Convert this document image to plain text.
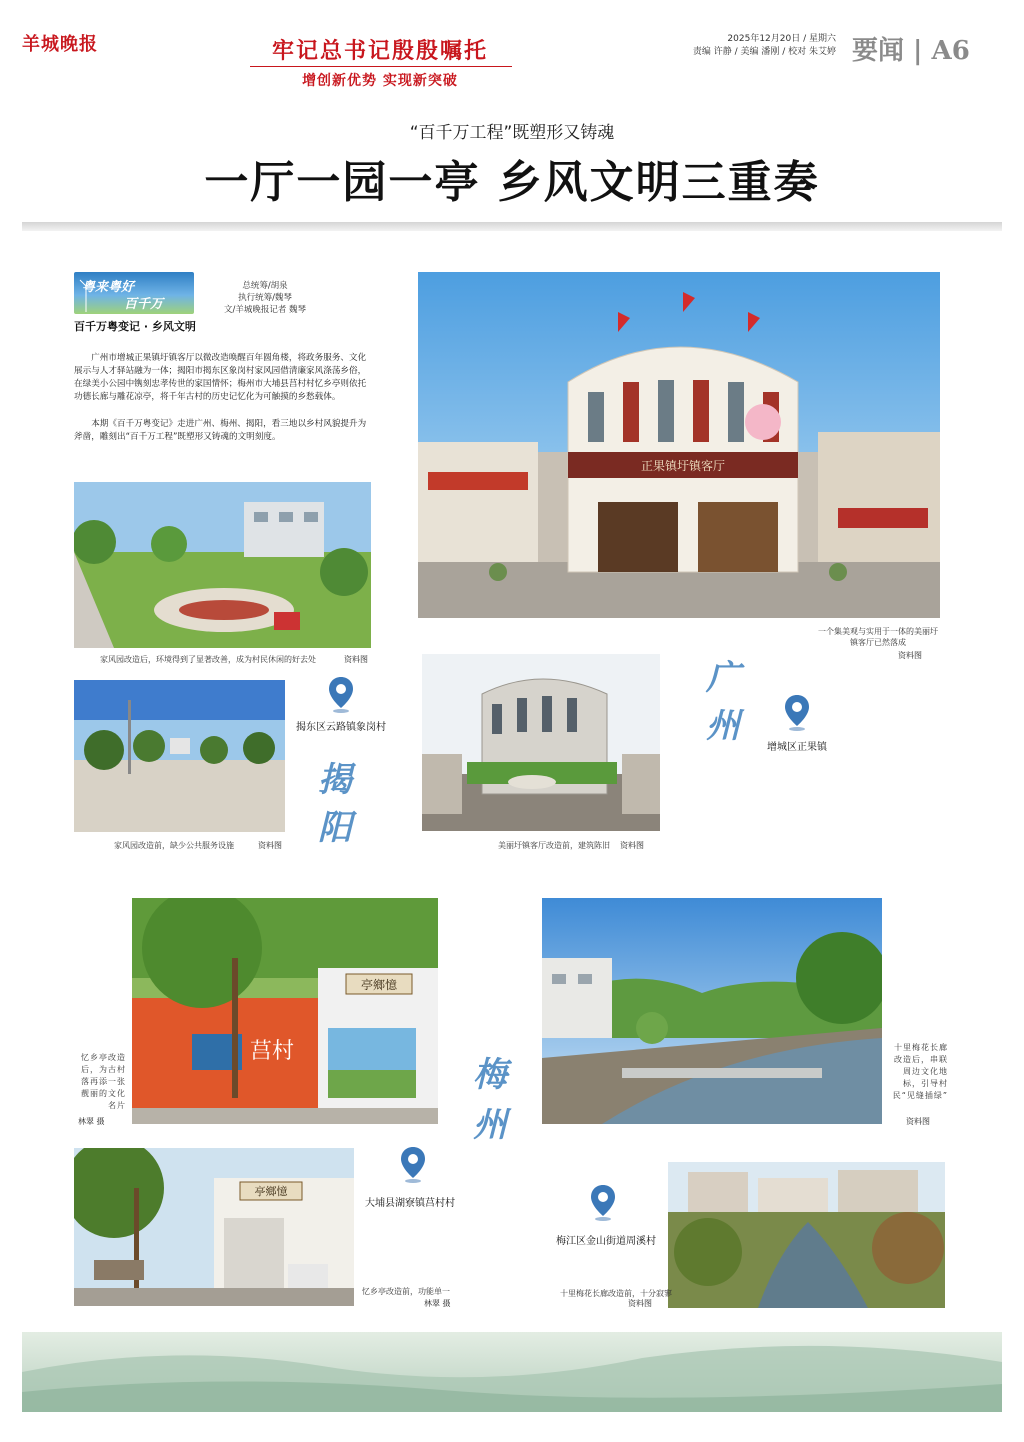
羊城晚报	牢记总书记殷殷嘱托
增创新优势 实现新突破
2025年12月20日 / 星期六
责编 许静 / 美编 潘刚 / 校对 朱艾婷 要闻 | A6
“百千万工程”既塑形又铸魂
一厅一园一亭 乡风文明三重奏
粤来粤好
百千万
百千万粤变记 · 乡风文明
总统筹/胡泉
执行统筹/魏琴
文/羊城晚报记者 魏琴

广州市增城正果镇圩镇客厅以微改造唤醒百年圆角楼，将政务服务、文化展示与人才驿站融为一体；揭阳市揭东区象岗村家风园借清廉家风涤荡乡俗，在绿美小公园中镌刻忠孝传世的家国情怀；梅州市大埔县莒村村忆乡亭则依托功德长廊与雕花凉亭，将千年古村的历史记忆化为可触摸的乡愁载体。

本期《百千万粤变记》走进广州、梅州、揭阳，看三地以乡村风貌提升为斧凿，雕刻出“百千万工程”既塑形又铸魂的文明刻度。

正果镇圩镇客厅
一个集美观与实用于一体的美丽圩镇客厅已然落成
资料图
家风园改造后，环境得到了显著改善，成为村民休闲的好去处	资料图
家风园改造前，缺少公共服务设施	资料图
揭东区云路镇象岗村
揭阳	美丽圩镇客厅改造前，建筑陈旧 资料图
广州
增城区正果镇
亭鄉憶
莒村
忆乡亭改造后，为古村落再添一张靓丽的文化名片
林翠 摄
梅州
十里梅花长廊改造后，串联周边文化地标，引导村民“见缝插绿”
资料图
亭鄉憶
忆乡亭改造前，功能单一
林翠 摄
大埔县湖寮镇莒村村
梅江区金山街道周溪村
十里梅花长廊改造前，十分寂寥
资料图
